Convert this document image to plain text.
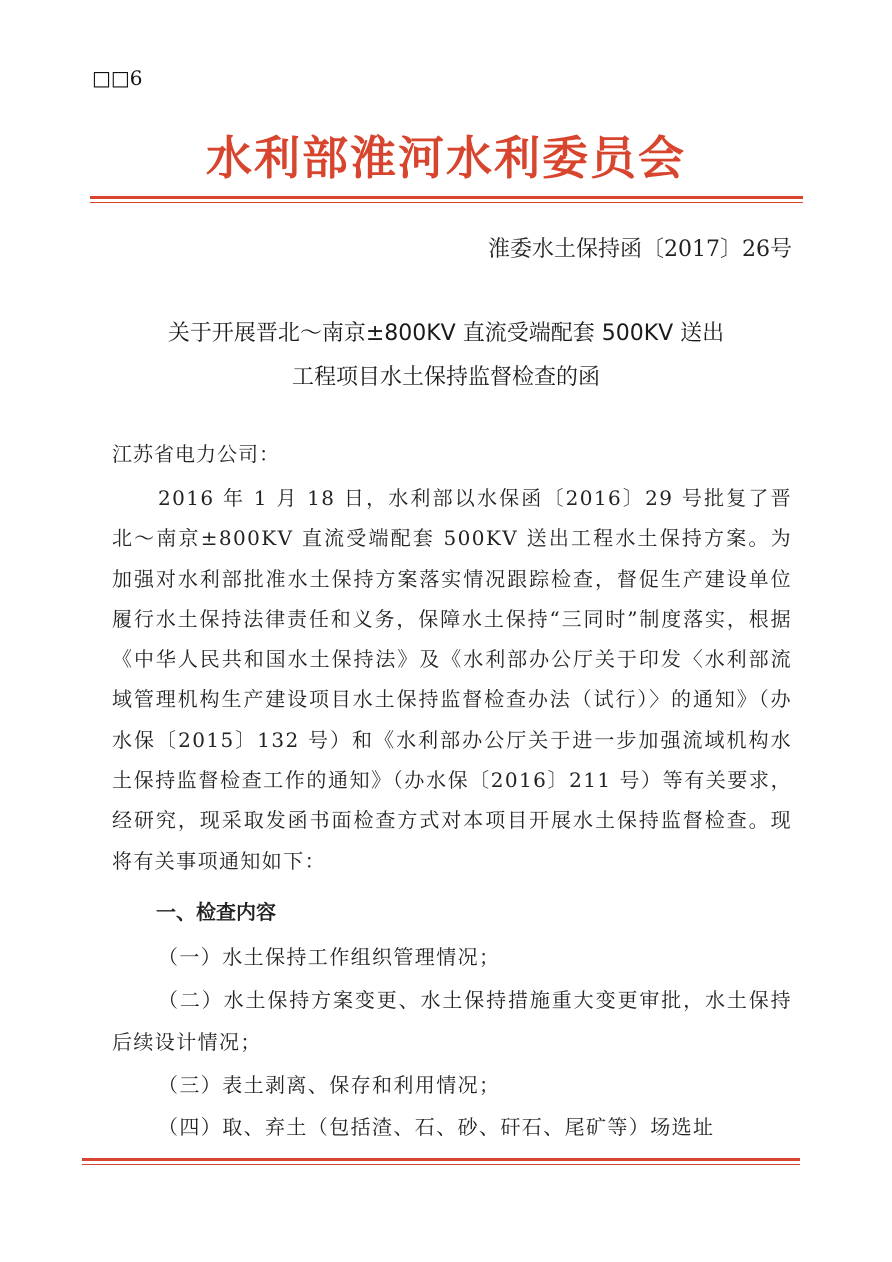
□□6
水利部淮河水利委员会
淮委水土保持函〔2017〕26号
关于开展晋北～南京±800KV 直流受端配套 500KV 送出
工程项目水土保持监督检查的函
江苏省电力公司：

2016 年 1 月 18 日，水利部以水保函〔2016〕29 号批复了晋北～南京±800KV 直流受端配套 500KV 送出工程水土保持方案。为加强对水利部批准水土保持方案落实情况跟踪检查，督促生产建设单位履行水土保持法律责任和义务，保障水土保持“三同时”制度落实，根据《中华人民共和国水土保持法》及《水利部办公厅关于印发〈水利部流域管理机构生产建设项目水土保持监督检查办法（试行）〉的通知》（办水保〔2015〕132 号）和《水利部办公厅关于进一步加强流域机构水土保持监督检查工作的通知》（办水保〔2016〕211 号）等有关要求，经研究，现采取发函书面检查方式对本项目开展水土保持监督检查。现将有关事项通知如下：

一、检查内容
（一）水土保持工作组织管理情况；
（二）水土保持方案变更、水土保持措施重大变更审批，水土保持后续设计情况；
（三）表土剥离、保存和利用情况；
（四）取、弃土（包括渣、石、砂、矸石、尾矿等）场选址
